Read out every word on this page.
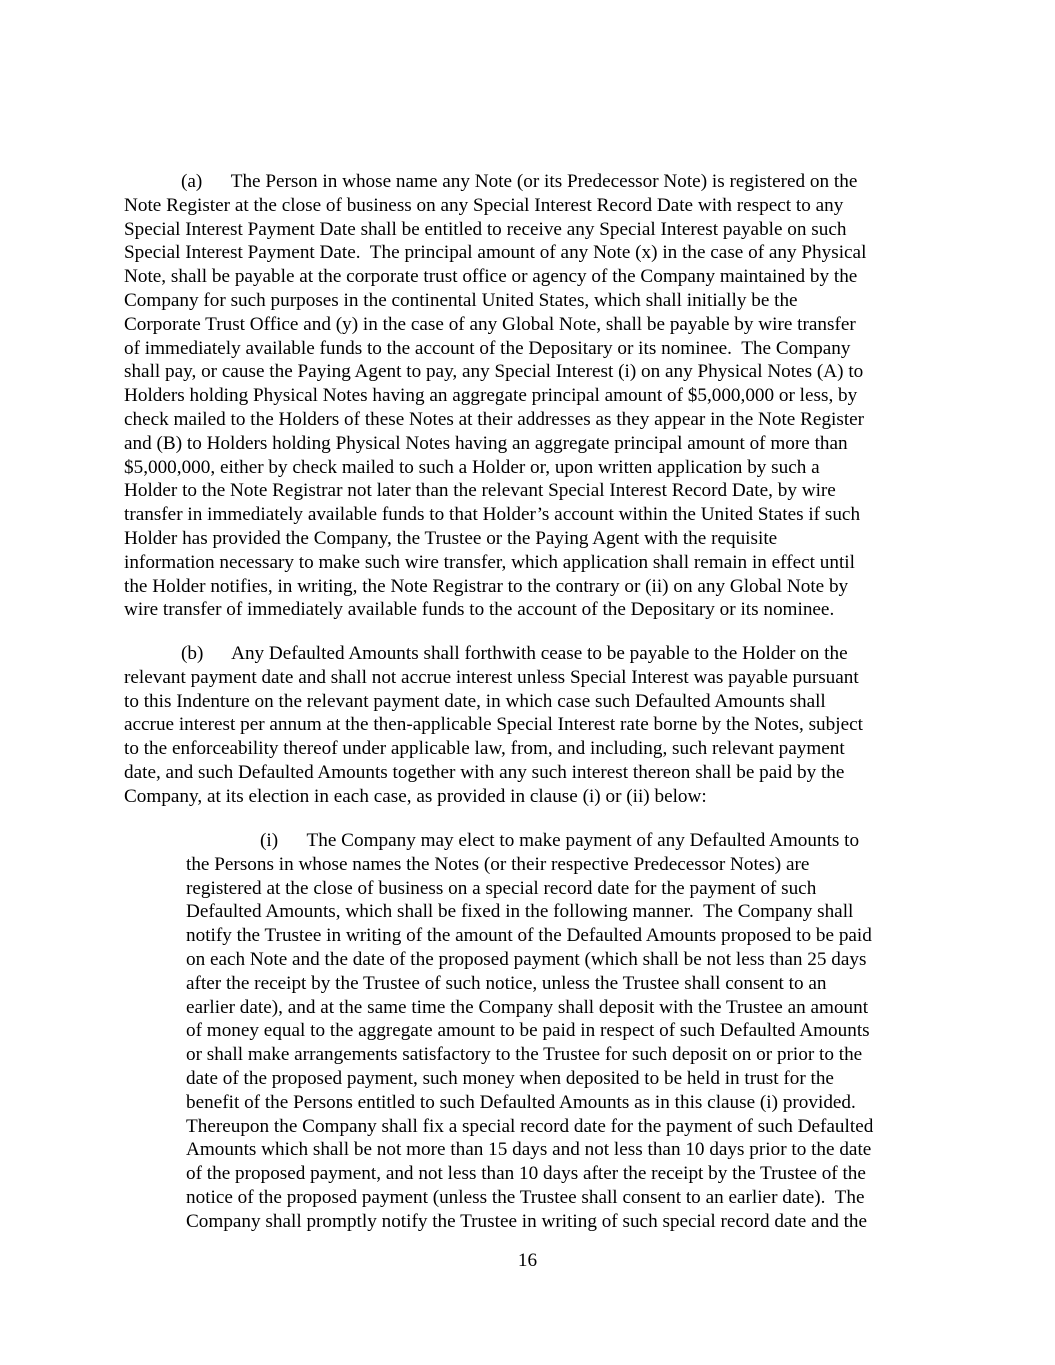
(a)      The Person in whose name any Note (or its Predecessor Note) is registered on the
Note Register at the close of business on any Special Interest Record Date with respect to any
Special Interest Payment Date shall be entitled to receive any Special Interest payable on such
Special Interest Payment Date.  The principal amount of any Note (x) in the case of any Physical
Note, shall be payable at the corporate trust office or agency of the Company maintained by the
Company for such purposes in the continental United States, which shall initially be the
Corporate Trust Office and (y) in the case of any Global Note, shall be payable by wire transfer
of immediately available funds to the account of the Depositary or its nominee.  The Company
shall pay, or cause the Paying Agent to pay, any Special Interest (i) on any Physical Notes (A) to
Holders holding Physical Notes having an aggregate principal amount of $5,000,000 or less, by
check mailed to the Holders of these Notes at their addresses as they appear in the Note Register
and (B) to Holders holding Physical Notes having an aggregate principal amount of more than
$5,000,000, either by check mailed to such a Holder or, upon written application by such a
Holder to the Note Registrar not later than the relevant Special Interest Record Date, by wire
transfer in immediately available funds to that Holder’s account within the United States if such
Holder has provided the Company, the Trustee or the Paying Agent with the requisite
information necessary to make such wire transfer, which application shall remain in effect until
the Holder notifies, in writing, the Note Registrar to the contrary or (ii) on any Global Note by
wire transfer of immediately available funds to the account of the Depositary or its nominee.

(b)      Any Defaulted Amounts shall forthwith cease to be payable to the Holder on the
relevant payment date and shall not accrue interest unless Special Interest was payable pursuant
to this Indenture on the relevant payment date, in which case such Defaulted Amounts shall
accrue interest per annum at the then-applicable Special Interest rate borne by the Notes, subject
to the enforceability thereof under applicable law, from, and including, such relevant payment
date, and such Defaulted Amounts together with any such interest thereon shall be paid by the
Company, at its election in each case, as provided in clause (i) or (ii) below:

(i)      The Company may elect to make payment of any Defaulted Amounts to
the Persons in whose names the Notes (or their respective Predecessor Notes) are
registered at the close of business on a special record date for the payment of such
Defaulted Amounts, which shall be fixed in the following manner.  The Company shall
notify the Trustee in writing of the amount of the Defaulted Amounts proposed to be paid
on each Note and the date of the proposed payment (which shall be not less than 25 days
after the receipt by the Trustee of such notice, unless the Trustee shall consent to an
earlier date), and at the same time the Company shall deposit with the Trustee an amount
of money equal to the aggregate amount to be paid in respect of such Defaulted Amounts
or shall make arrangements satisfactory to the Trustee for such deposit on or prior to the
date of the proposed payment, such money when deposited to be held in trust for the
benefit of the Persons entitled to such Defaulted Amounts as in this clause (i) provided.
Thereupon the Company shall fix a special record date for the payment of such Defaulted
Amounts which shall be not more than 15 days and not less than 10 days prior to the date
of the proposed payment, and not less than 10 days after the receipt by the Trustee of the
notice of the proposed payment (unless the Trustee shall consent to an earlier date).  The
Company shall promptly notify the Trustee in writing of such special record date and the

16
